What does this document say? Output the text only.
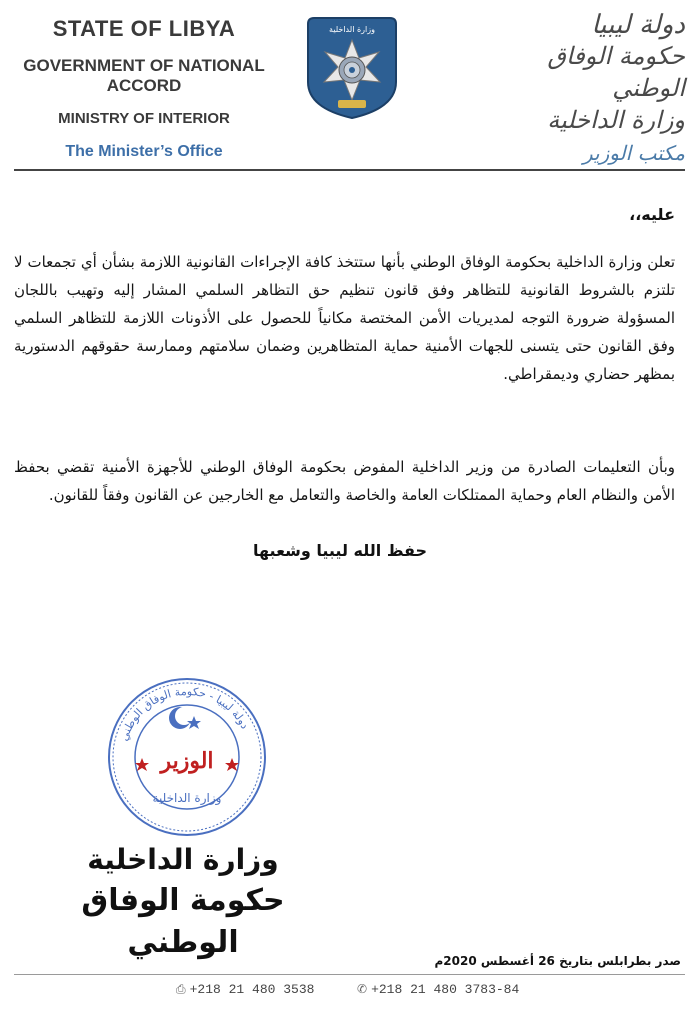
STATE OF LIBYA
GOVERNMENT OF NATIONAL ACCORD
MINISTRY OF INTERIOR
The Minister’s Office
وزارة الداخلية	دولة ليبيا
حكومة الوفاق الوطني
وزارة الداخلية
مكتب الوزير
عليه،،
تعلن وزارة الداخلية بحكومة الوفاق الوطني بأنها ستتخذ كافة الإجراءات القانونية اللازمة بشأن أي تجمعات لا تلتزم بالشروط القانونية للتظاهر وفق قانون تنظيم حق التظاهر السلمي المشار إليه وتهيب باللجان المسؤولة ضرورة التوجه لمديريات الأمن المختصة مكانياً للحصول على الأذونات اللازمة للتظاهر السلمي وفق القانون حتى يتسنى للجهات الأمنية حماية المتظاهرين وضمان سلامتهم وممارسة حقوقهم الدستورية بمظهر حضاري وديمقراطي.
وبأن التعليمات الصادرة من وزير الداخلية المفوض بحكومة الوفاق الوطني للأجهزة الأمنية تقضي بحفظ الأمن والنظام العام وحماية الممتلكات العامة والخاصة والتعامل مع الخارجين عن القانون وفقاً للقانون.
حفظ الله ليبيا وشعبها
دولة ليبيا - حكومة الوفاق الوطني
الوزير
وزارة الداخلية
وزارة الداخلية
حكومة الوفاق الوطني
صدر بطرابلس بتاريخ 26 أغسطس 2020م
⎙ +218 21 480 3538	✆ +218 21 480 3783-84
